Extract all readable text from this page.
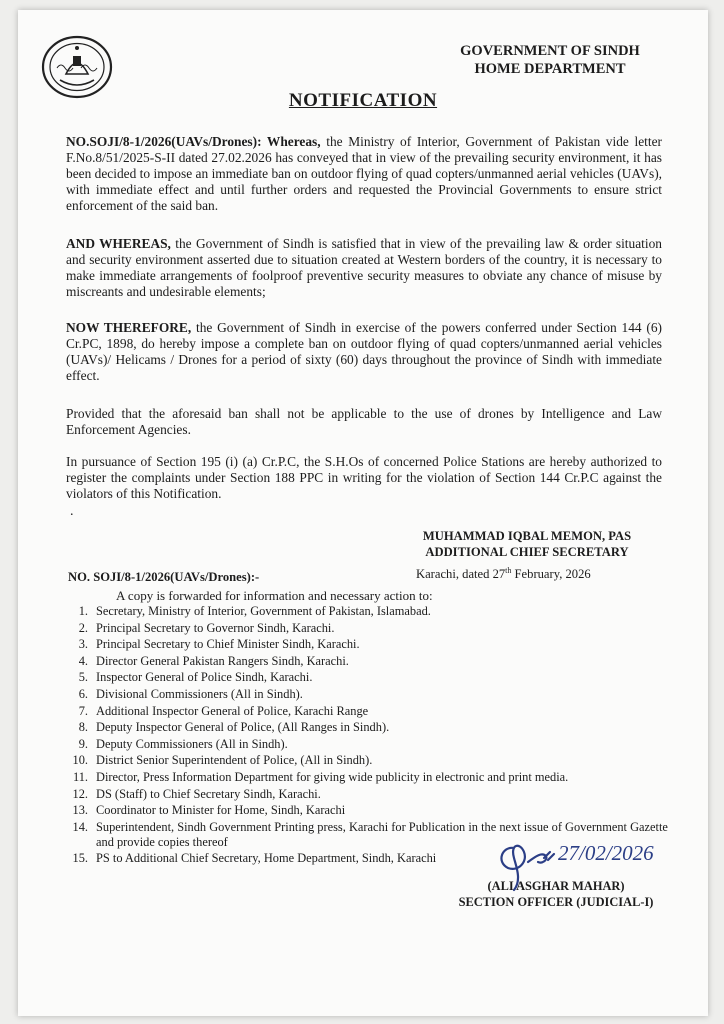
GOVERNMENT OF SINDH
HOME DEPARTMENT
NOTIFICATION
NO.SOJI/8-1/2026(UAVs/Drones): Whereas, the Ministry of Interior, Government of Pakistan vide letter F.No.8/51/2025-S-II dated 27.02.2026 has conveyed that in view of the prevailing security environment, it has been decided to impose an immediate ban on outdoor flying of quad copters/unmanned aerial vehicles (UAVs), with immediate effect and until further orders and requested the Provincial Governments to ensure strict enforcement of the said ban.
AND WHEREAS, the Government of Sindh is satisfied that in view of the prevailing law & order situation and security environment asserted due to situation created at Western borders of the country, it is necessary to make immediate arrangements of foolproof preventive security measures to obviate any chance of misuse by miscreants and undesirable elements;
NOW THEREFORE, the Government of Sindh in exercise of the powers conferred under Section 144 (6) Cr.PC, 1898, do hereby impose a complete ban on outdoor flying of quad copters/unmanned aerial vehicles (UAVs)/ Helicams / Drones for a period of sixty (60) days throughout the province of Sindh with immediate effect.
Provided that the aforesaid ban shall not be applicable to the use of drones by Intelligence and Law Enforcement Agencies.
In pursuance of Section 195 (i) (a) Cr.P.C, the S.H.Os of concerned Police Stations are hereby authorized to register the complaints under Section 188 PPC in writing for the violation of Section 144 Cr.P.C against the violators of this Notification.
.
MUHAMMAD IQBAL MEMON, PAS
ADDITIONAL CHIEF SECRETARY
NO. SOJI/8-1/2026(UAVs/Drones):-	Karachi, dated 27th February, 2026
A copy is forwarded for information and necessary action to:
1. Secretary, Ministry of Interior, Government of Pakistan, Islamabad.
2. Principal Secretary to Governor Sindh, Karachi.
3. Principal Secretary to Chief Minister Sindh, Karachi.
4. Director General Pakistan Rangers Sindh, Karachi.
5. Inspector General of Police Sindh, Karachi.
6. Divisional Commissioners (All in Sindh).
7. Additional Inspector General of Police, Karachi Range
8. Deputy Inspector General of Police, (All Ranges in Sindh).
9. Deputy Commissioners (All in Sindh).
10. District Senior Superintendent of Police, (All in Sindh).
11. Director, Press Information Department for giving wide publicity in electronic and print media.
12. DS (Staff) to Chief Secretary Sindh, Karachi.
13. Coordinator to Minister for Home, Sindh, Karachi
14. Superintendent, Sindh Government Printing press, Karachi for Publication in the next issue of Government Gazette and provide copies thereof
15. PS to Additional Chief Secretary, Home Department, Sindh, Karachi	27/02/2026
(ALI ASGHAR MAHAR)
SECTION OFFICER (JUDICIAL-I)
